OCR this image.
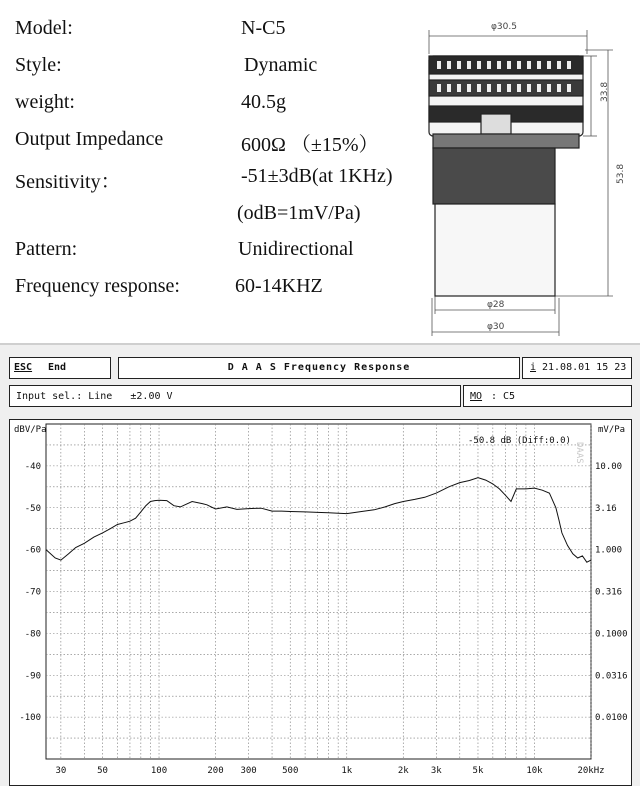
Model:	N-C5
Style:	Dynamic
weight:	40.5g
Output Impedance	600Ω （±15%）
Sensitivity：	-51±3dB(at 1KHz)
(odB=1mV/Pa)
Pattern:	Unidirectional
Frequency response:	60-14KHZ
φ30.5
33.8
53.8
φ28
φ30
ESC End	D A A S Frequency Response	i 21.08.01 15 23
Input sel.: Line   ±2.00 V	MO : C5
DAAS
dBV/Pa	mV/Pa
-50.8 dB (Diff:0.0)
30	50	100	200 300	500	1k	2k 3k	5k	10k	20kHz
-40
-50
-60
-70
-80
-90
-100
10.00
3.16
1.000
0.316
0.1000
0.0316
0.0100
